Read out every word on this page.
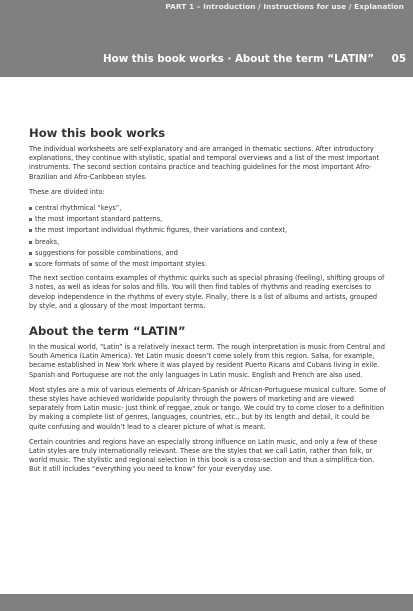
PART 1 – Introduction / Instructions for use / Explanation
How this book works · About the term “LATIN” 05
How this book works

The individual worksheets are self-explanatory and are arranged in thematic sections. After introductory explanations, they continue with stylistic, spatial and temporal overviews and a list of the most important instruments. The second section contains practice and teaching guidelines for the most important Afro-Brazilian and Afro-Caribbean styles.

These are divided into:

central rhythmical “keys”,
the most important standard patterns,
the most important individual rhythmic figures, their variations and context,
breaks,
suggestions for possible combinations, and
score formats of some of the most important styles.

The next section contains examples of rhythmic quirks such as special phrasing (feeling), shifting groups of 3 notes, as well as ideas for solos and fills. You will then find tables of rhythms and reading exercises to develop independence in the rhythms of every style. Finally, there is a list of albums and artists, grouped by style, and a glossary of the most important terms.

About the term “LATIN”

In the musical world, “Latin” is a relatively inexact term. The rough interpretation is music from Central and South America (Latin America). Yet Latin music doesn’t come solely from this region. Salsa, for example, became established in New York where it was played by resident Puerto Ricans and Cubans living in exile. Spanish and Portuguese are not the only languages in Latin music. English and French are also used.

Most styles are a mix of various elements of African-Spanish or African-Portuguese musical culture. Some of these styles have achieved worldwide popularity through the powers of marketing and are viewed separately from Latin music- just think of reggae, zouk or tango. We could try to come closer to a definition by making a complete list of genres, languages, countries, etc., but by its length and detail, it could be quite confusing and wouldn’t lead to a clearer picture of what is meant.

Certain countries and regions have an especially strong influence on Latin music, and only a few of these Latin styles are truly internationally relevant. These are the styles that we call Latin, rather than folk, or world music. The stylistic and regional selection in this book is a cross-section and thus a simplifica-tion. But it still includes “everything you need to know” for your everyday use.
